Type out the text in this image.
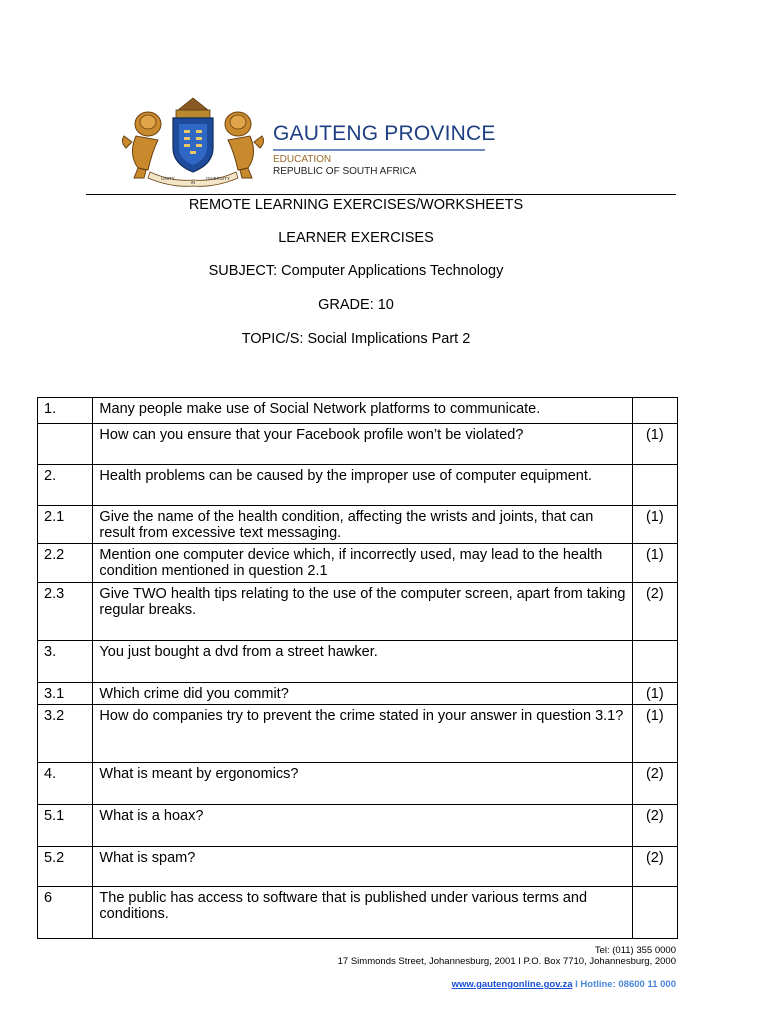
UNITY
IN
DIVERSITY
GAUTENG PROVINCE
EDUCATION
REPUBLIC OF SOUTH AFRICA
REMOTE LEARNING EXERCISES/WORKSHEETS
LEARNER EXERCISES
SUBJECT: Computer Applications Technology
GRADE: 10
TOPIC/S: Social Implications Part 2
1.	Many people make use of Social Network platforms to communicate.	
	How can you ensure that your Facebook profile won’t be violated?	(1)
2.	Health problems can be caused by the improper use of computer equipment.	
2.1	Give the name of the health condition, affecting the wrists and joints, that can result from excessive text messaging.	(1)
2.2	Mention one computer device which, if incorrectly used, may lead to the health condition mentioned in question 2.1	(1)
2.3	Give TWO health tips relating to the use of the computer screen, apart from taking regular breaks.	(2)
3.	You just bought a dvd from a street hawker.	
3.1	Which crime did you commit?	(1)
3.2	How do companies try to prevent the crime stated in your answer in question 3.1?	(1)
4.	What is meant by ergonomics?	(2)
5.1	What is a hoax?	(2)
5.2	What is spam?	(2)
6	The public has access to software that is published under various terms and conditions.	
Tel: (011) 355 0000
17 Simmonds Street, Johannesburg, 2001 I P.O. Box 7710, Johannesburg, 2000
www.gautengonline.gov.za I Hotline: 08600 11 000
